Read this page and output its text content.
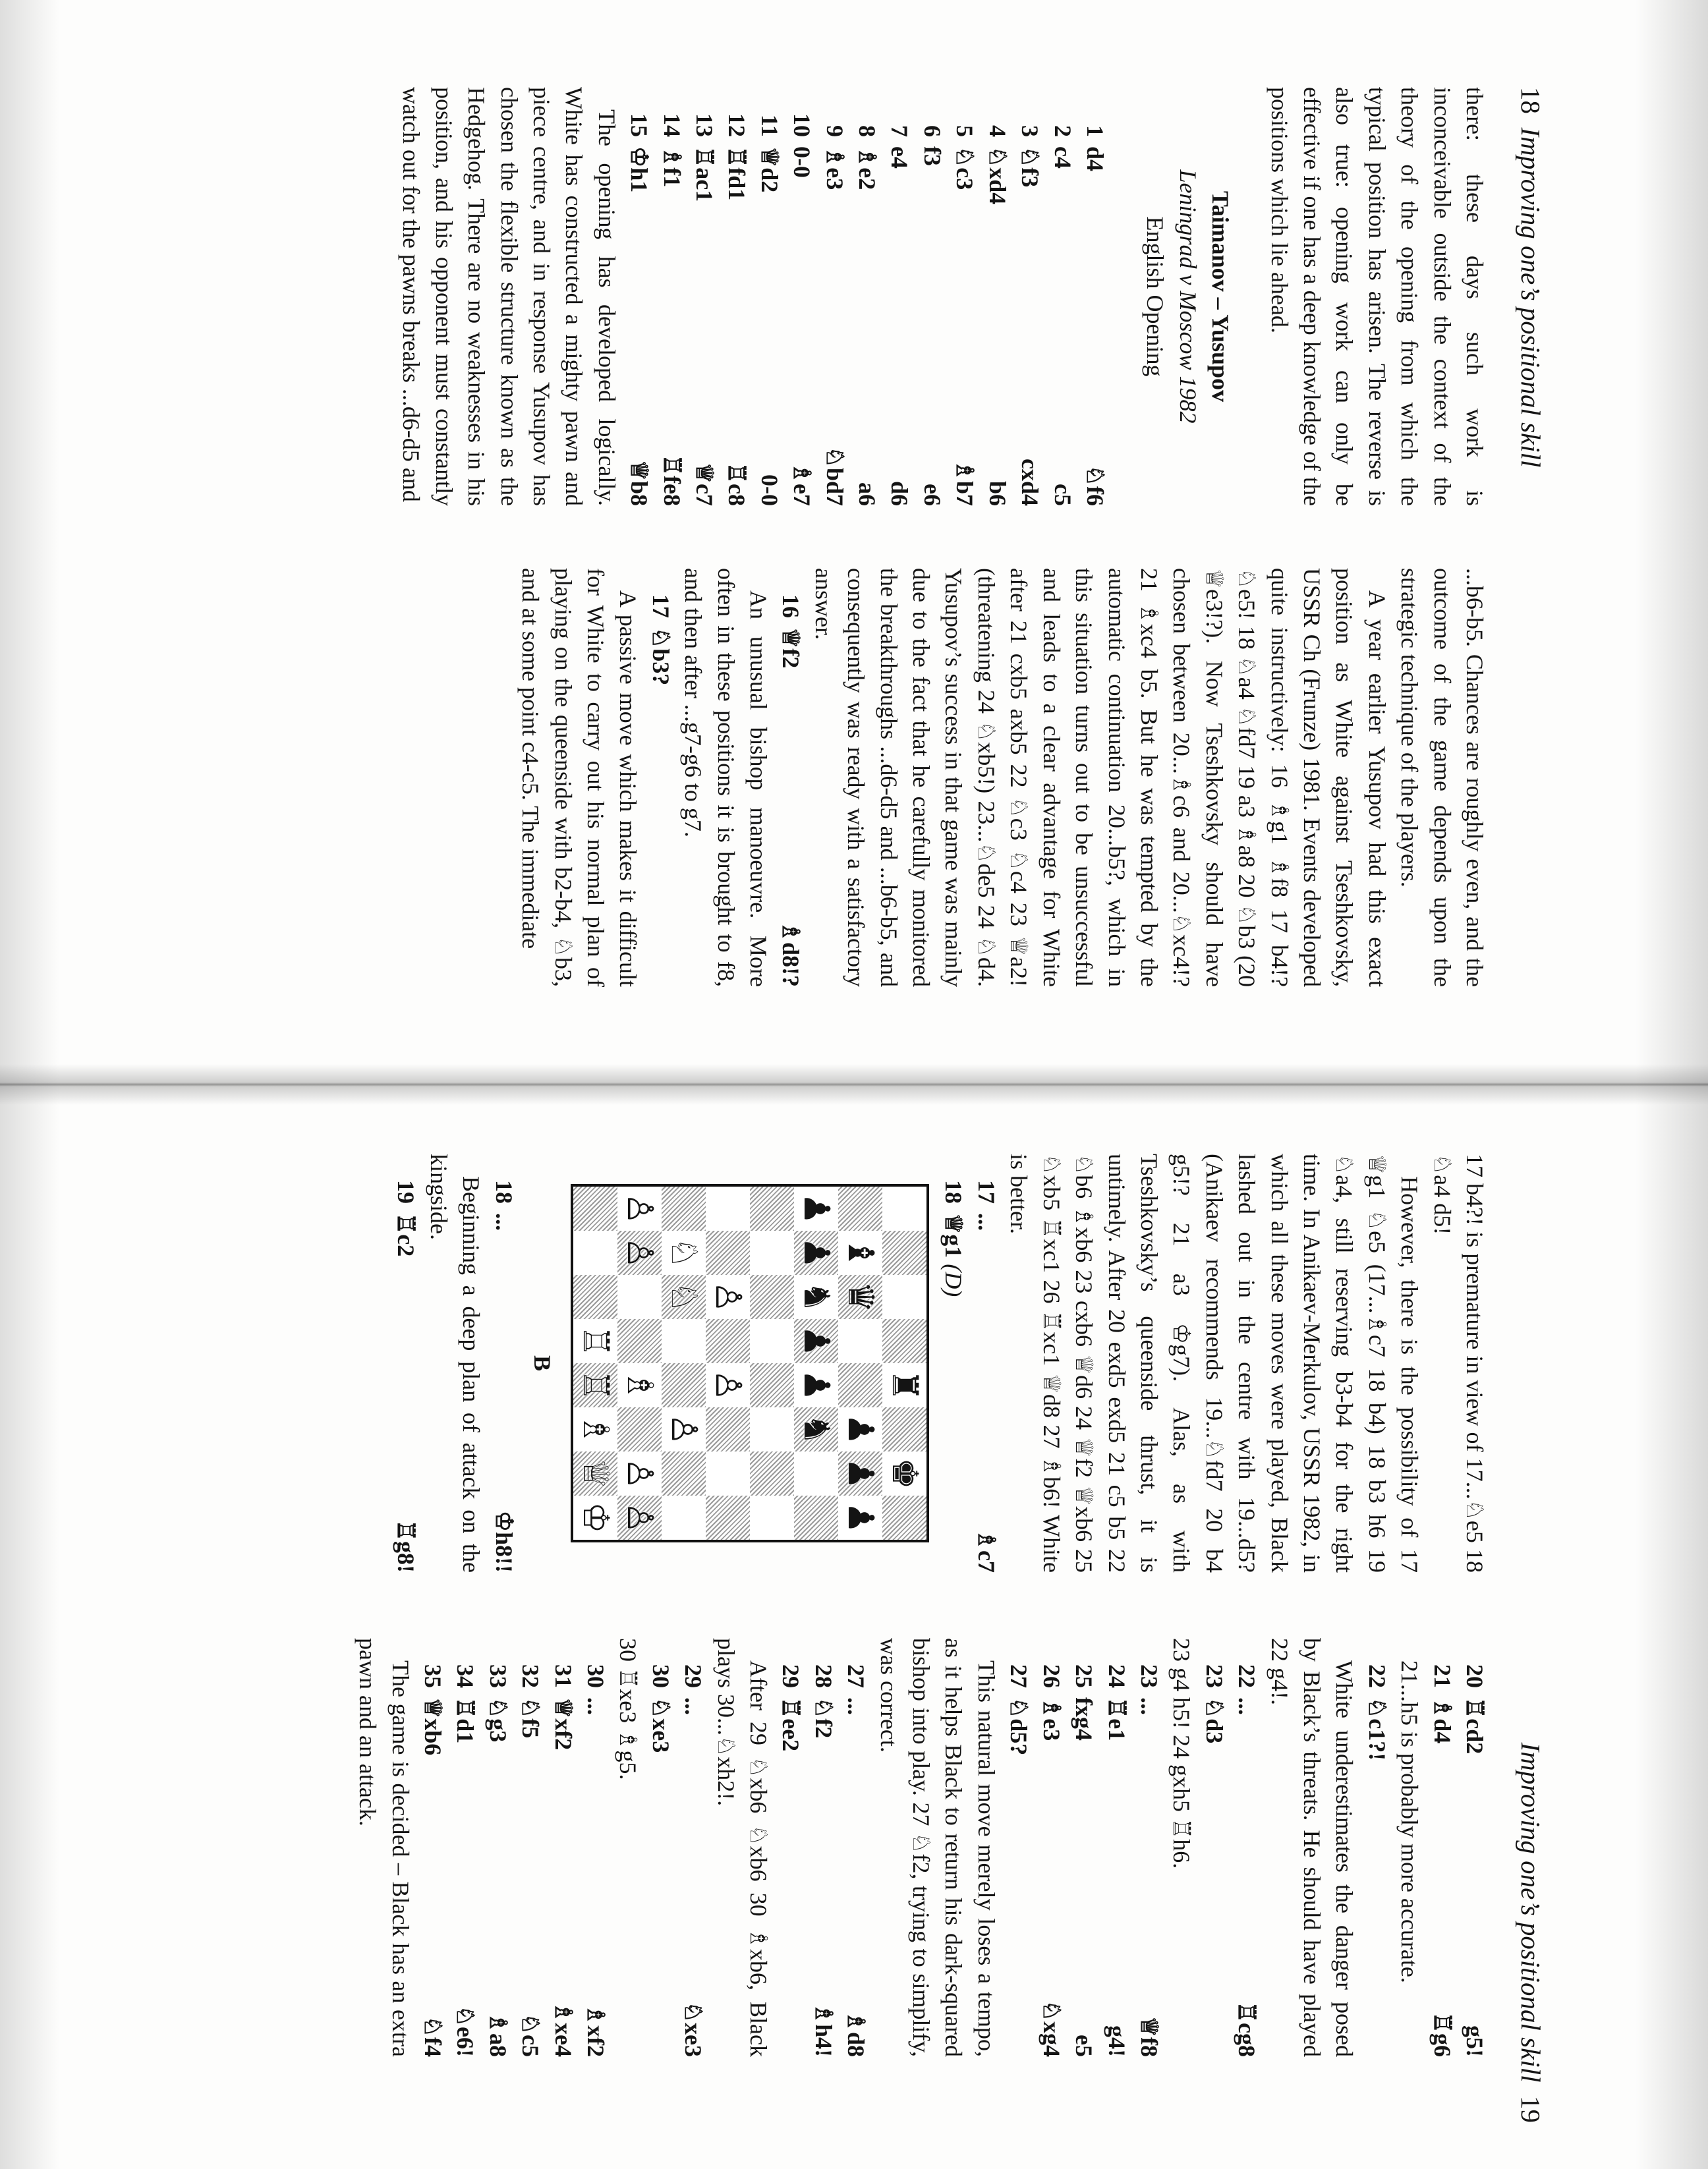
18  Improving one’s positional skill

there: these days such work is inconceivable outside the context of the theory of the opening from which the typical position has arisen. The reverse is also true: opening work can only be effective if one has a deep knowledge of the positions which lie ahead.

Taimanov – Yusupov

Leningrad v Moscow 1982

English Opening

1	d4	♘f6
2	c4	c5
3	♘f3	cxd4
4	♘xd4	b6
5	♘c3	♗b7
6	f3	e6
7	e4	d6
8	♗e2	a6
9	♗e3	♘bd7
10	0-0	♗e7
11	♕d2	0-0
12	♖fd1	♖c8
13	♖ac1	♕c7
14	♗f1	♖fe8
15	♔h1	♕b8

The opening has developed logically. White has constructed a mighty pawn and piece centre, and in response Yusupov has chosen the flexible structure known as the Hedgehog. There are no weaknesses in his position, and his opponent must constantly watch out for the pawns breaks ...d6-d5 and

...b6-b5. Chances are roughly even, and the outcome of the game depends upon the strategic technique of the players.

A year earlier Yusupov had this exact position as White against Tseshkovsky, USSR Ch (Frunze) 1981. Events developed quite instructively: 16 ♗g1 ♗f8 17 b4!? ♘e5! 18 ♘a4 ♘fd7 19 a3 ♗a8 20 ♘b3 (20 ♕e3!?). Now Tseshkovsky should have chosen between 20...♗c6 and 20...♘xc4!? 21 ♗xc4 b5. But he was tempted by the automatic continuation 20...b5?, which in this situation turns out to be unsuccessful and leads to a clear advantage for White after 21 cxb5 axb5 22 ♘c3 ♘c4 23 ♕a2! (threatening 24 ♘xb5!) 23...♘de5 24 ♘d4. Yusupov’s success in that game was mainly due to the fact that he carefully monitored the breakthroughs ...d6-d5 and ...b6-b5, and consequently was ready with a satisfactory answer.

16	♕f2	♗d8!?

An unusual bishop manoeuvre. More often in these positions it is brought to f8, and then after ...g7-g6 to g7.

17	♘b3?	

A passive move which makes it difficult for White to carry out his normal plan of playing on the queenside with b2-b4, ♘b3, and at some point c4-c5. The immediate

Improving one’s positional skill  19

17 b4?! is premature in view of 17...♘e5 18 ♘a4 d5!

However, there is the possibility of 17 ♕g1 ♘e5 (17...♗c7 18 b4) 18 b3 h6 19 ♘a4, still reserving b3-b4 for the right time. In Anikaev-Merkulov, USSR 1982, in which all these moves were played, Black lashed out in the centre with 19...d5? (Anikaev recommends 19...♘fd7 20 b4 g5!? 21 a3 ♔g7). Alas, as with Tseshkovsky’s queenside thrust, it is untimely. After 20 exd5 exd5 21 c5 b5 22 ♘b6 ♗xb6 23 cxb6 ♕d6 24 ♕f2 ♕xb6 25 ♘xb5 ♖xc1 26 ♖xc1 ♕d8 27 ♗b6! White is better.

17	...	♗c7
18	♕g1 (D)	
♜
♚
♝
♛
♟
♟
♟
♟
♟
♞
♟
♟
♞
♙
♙
♘
♘
♙
♙
♙
♗
♙
♙
♖
♖
♗
♕
♔
B
18	...	♔h8!!

Beginning a deep plan of attack on the kingside.

19	♖c2	♖g8!
20	♖cd2	g5!
21	♗d4	♖g6

21...h5 is probably more accurate.

22	♘c1?!	

White underestimates the danger posed by Black’s threats. He should have played 22 g4!.

22	...	♖cg8
23	♘d3	

23 g4 h5! 24 gxh5 ♖h6.

23	...	♕f8
24	♖e1	g4!
25	fxg4	e5
26	♗e3	♘xg4
27	♘d5?	

This natural move merely loses a tempo, as it helps Black to return his dark-squared bishop into play. 27 ♘f2, trying to simplify, was correct.

27	...	♗d8
28	♘f2	♗h4!
29	♖ee2	

After 29 ♘xb6 ♘xb6 30 ♗xb6, Black plays 30...♘xh2!.

29	...	♘xe3
30	♘xe3	

30 ♖xe3 ♗g5.

30	...	♗xf2
31	♕xf2	♗xe4
32	♘f5	♘c5
33	♘g3	♗a8
34	♖d1	♘e6!
35	♕xb6	♘f4

The game is decided – Black has an extra pawn and an attack.
